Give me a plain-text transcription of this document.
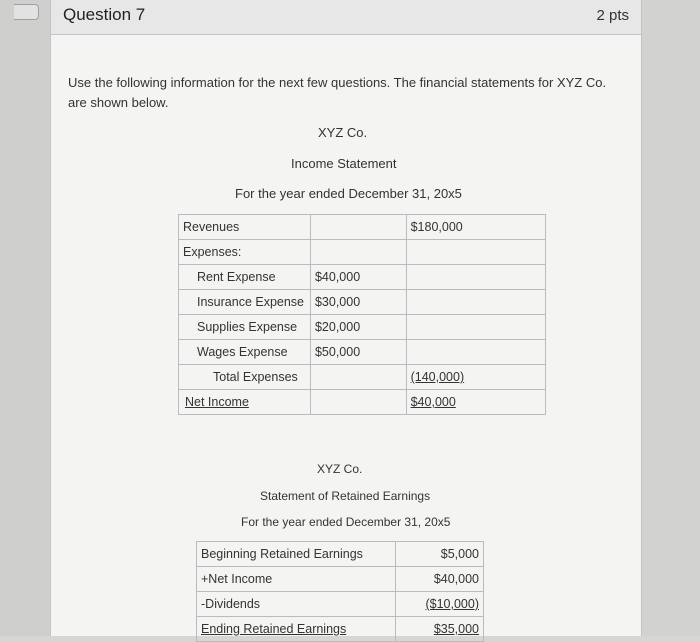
Question 7	2 pts
Use the following information for the next few questions. The financial statements for XYZ Co. are shown below.
XYZ Co.
Income Statement
For the year ended December 31, 20x5
Revenues		$180,000
Expenses:		
Rent Expense	$40,000	
Insurance Expense	$30,000	
Supplies Expense	$20,000	
Wages Expense	$50,000	
Total Expenses		(140,000)
Net Income		$40,000
XYZ Co.
Statement of Retained Earnings
For the year ended December 31, 20x5
Beginning Retained Earnings	$5,000
+Net Income	$40,000
-Dividends	($10,000)
Ending Retained Earnings	$35,000
